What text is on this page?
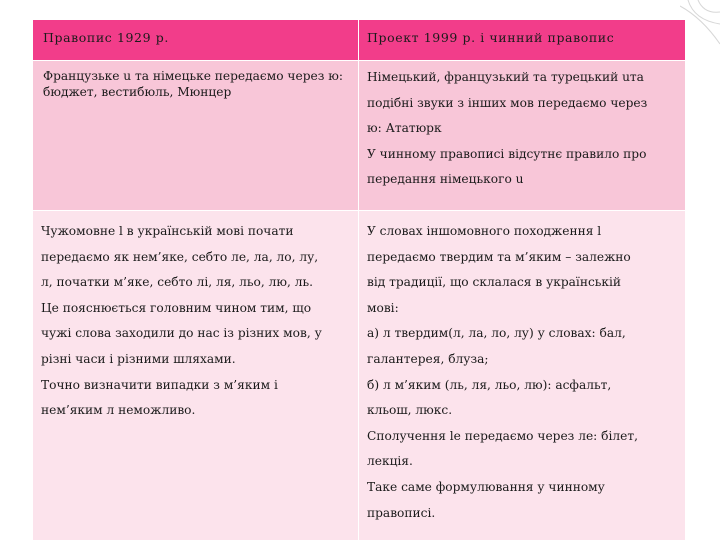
Правопис 1929 р.	Проект 1999 р. і чинний правопис
Французьке u та німецьке передаємо через ю: бюджет, вестибюль, Мюнцер
Німецький, французький та турецький uта
подібні звуки з інших мов передаємо через
ю: Ататюрк
У чинному правописі відсутнє правило про
передання німецького u
Чужомовне l в українській мові почати
передаємо як нем’яке, себто ле, ла, ло, лу,
л, початки м’яке, себто лі, ля, льо, лю, ль.
Це пояснюється головним чином тим, що
чужі слова заходили до нас із різних мов, у
різні часи і різними шляхами.
Точно визначити випадки з м’яким і
нем’яким л неможливо.
У словах іншомовного походження l
передаємо твердим та м’яким – залежно
від традиції, що склалася в українській
мові:
а) л твердим(л, ла, ло, лу) у словах: бал,
галантерея, блуза;
б) л м’яким (ль, ля, льо, лю): асфальт,
кльош, люкс.
Сполучення le передаємо через ле: білет,
лекція.
Таке саме формулювання у чинному
правописі.
